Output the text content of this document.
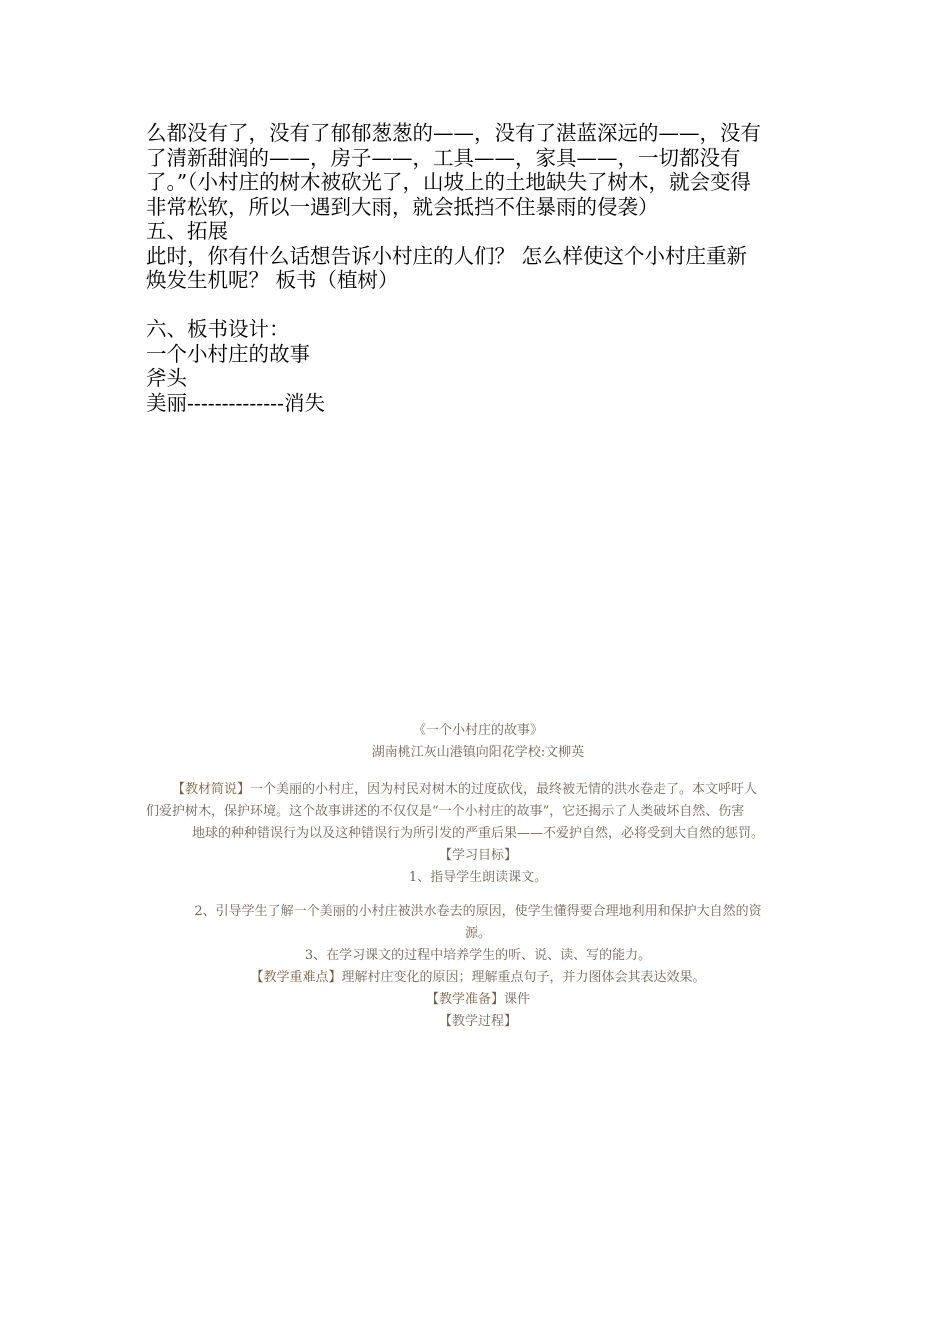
么都没有了，没有了郁郁葱葱的——，没有了湛蓝深远的——，没有

了清新甜润的——，房子——，工具——，家具——，一切都没有

了。”（小村庄的树木被砍光了，山坡上的土地缺失了树木，就会变得

非常松软，所以一遇到大雨，就会抵挡不住暴雨的侵袭）

五、拓展

此时，你有什么话想告诉小村庄的人们？ 怎么样使这个小村庄重新

焕发生机呢？ 板书（植树）

六、板书设计：

一个小村庄的故事

斧头

美丽--------------消失

《一个小村庄的故事》

湖南桃江灰山港镇向阳花学校:文柳英

【教材简说】一个美丽的小村庄，因为村民对树木的过度砍伐，最终被无情的洪水卷走了。本文呼吁人
们爱护树木，保护环境。这个故事讲述的不仅仅是“一个小村庄的故事”，它还揭示了人类破坏自然、伤害
地球的种种错误行为以及这种错误行为所引发的严重后果——不爱护自然，必将受到大自然的惩罚。

【学习目标】

1、指导学生朗读课文。

2、引导学生了解一个美丽的小村庄被洪水卷去的原因，使学生懂得要合理地利用和保护大自然的资
源。

3、在学习课文的过程中培养学生的听、说、读、写的能力。

【教学重难点】理解村庄变化的原因；理解重点句子，并力图体会其表达效果。

【教学准备】课件

【教学过程】
